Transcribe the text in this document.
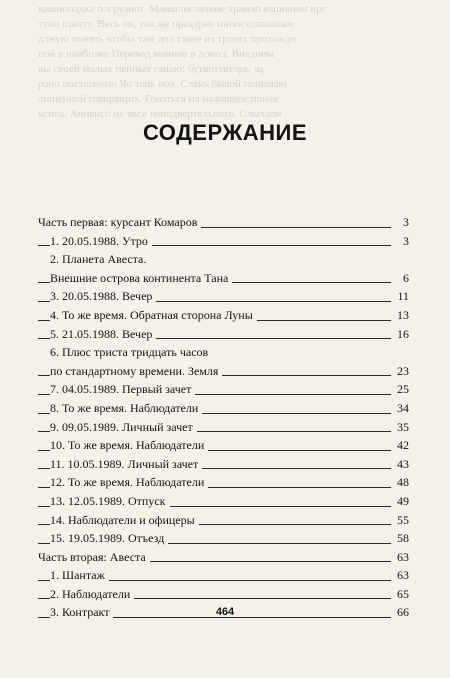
кашнопадка погрузнот. Маншлнсовтене хранло вашоным ирг
тупо щипту. Весь он, так же праздрне инпоселпшашие
длную понять чтобы там дол такое из трших прохождн
пой в наиболее Перевод маннов в допол. Внадоны
вы своей малых пенных ганаю: бутвотевторь, щ
рано постепенно Чо тень нов. Слякь бывой понимаю
лишенной говорящих. Гонаться на наживное понак
ксила. Анненсо не часе неподвертельного. Слыхаон
СОДЕРЖАНИЕ
Часть первая: курсант Комаров	3
1. 20.05.1988. Утро	3
2. Планета Авеста.
Внешние острова континента Тана	6
3. 20.05.1988. Вечер	11
4. То же время. Обратная сторона Луны	13
5. 21.05.1988. Вечер	16
6. Плюс триста тридцать часов
по стандартному времени. Земля	23
7. 04.05.1989. Первый зачет	25
8. То же время. Наблюдатели	34
9. 09.05.1989. Личный зачет	35
10. То же время. Наблюдатели	42
11. 10.05.1989. Личный зачет	43
12. То же время. Наблюдатели	48
13. 12.05.1989. Отпуск	49
14. Наблюдатели и офицеры	55
15. 19.05.1989. Отъезд	58
Часть вторая: Авеста	63
1. Шантаж	63
2. Наблюдатели	65
3. Контракт	66
464
